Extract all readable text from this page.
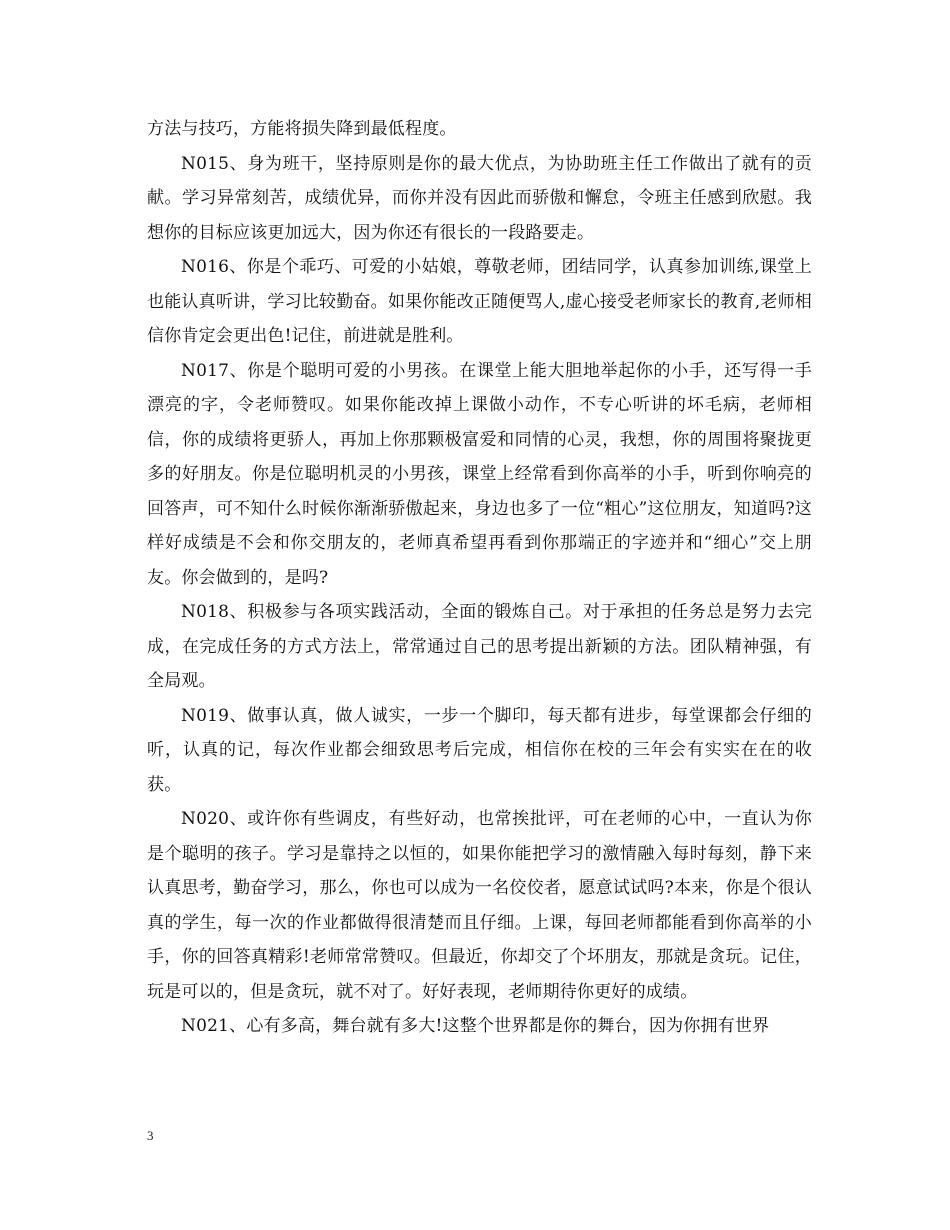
方法与技巧，方能将损失降到最低程度。

N015、身为班干，坚持原则是你的最大优点，为协助班主任工作做出了就有的贡献。学习异常刻苦，成绩优异，而你并没有因此而骄傲和懈怠，令班主任感到欣慰。我想你的目标应该更加远大，因为你还有很长的一段路要走。

N016、你是个乖巧、可爱的小姑娘，尊敬老师，团结同学，认真参加训练,课堂上也能认真听讲，学习比较勤奋。如果你能改正随便骂人,虚心接受老师家长的教育,老师相信你肯定会更出色!记住，前进就是胜利。

N017、你是个聪明可爱的小男孩。在课堂上能大胆地举起你的小手，还写得一手漂亮的字，令老师赞叹。如果你能改掉上课做小动作，不专心听讲的坏毛病，老师相信，你的成绩将更骄人，再加上你那颗极富爱和同情的心灵，我想，你的周围将聚拢更多的好朋友。你是位聪明机灵的小男孩，课堂上经常看到你高举的小手，听到你响亮的回答声，可不知什么时候你渐渐骄傲起来，身边也多了一位“粗心”这位朋友，知道吗?这样好成绩是不会和你交朋友的，老师真希望再看到你那端正的字迹并和“细心”交上朋友。你会做到的，是吗?

N018、积极参与各项实践活动，全面的锻炼自己。对于承担的任务总是努力去完成，在完成任务的方式方法上，常常通过自己的思考提出新颖的方法。团队精神强，有全局观。

N019、做事认真，做人诚实，一步一个脚印，每天都有进步，每堂课都会仔细的听，认真的记，每次作业都会细致思考后完成，相信你在校的三年会有实实在在的收获。

N020、或许你有些调皮，有些好动，也常挨批评，可在老师的心中，一直认为你是个聪明的孩子。学习是靠持之以恒的，如果你能把学习的激情融入每时每刻，静下来认真思考，勤奋学习，那么，你也可以成为一名佼佼者，愿意试试吗?本来，你是个很认真的学生，每一次的作业都做得很清楚而且仔细。上课，每回老师都能看到你高举的小手，你的回答真精彩!老师常常赞叹。但最近，你却交了个坏朋友，那就是贪玩。记住，玩是可以的，但是贪玩，就不对了。好好表现，老师期待你更好的成绩。

N021、心有多高，舞台就有多大!这整个世界都是你的舞台，因为你拥有世界

3
